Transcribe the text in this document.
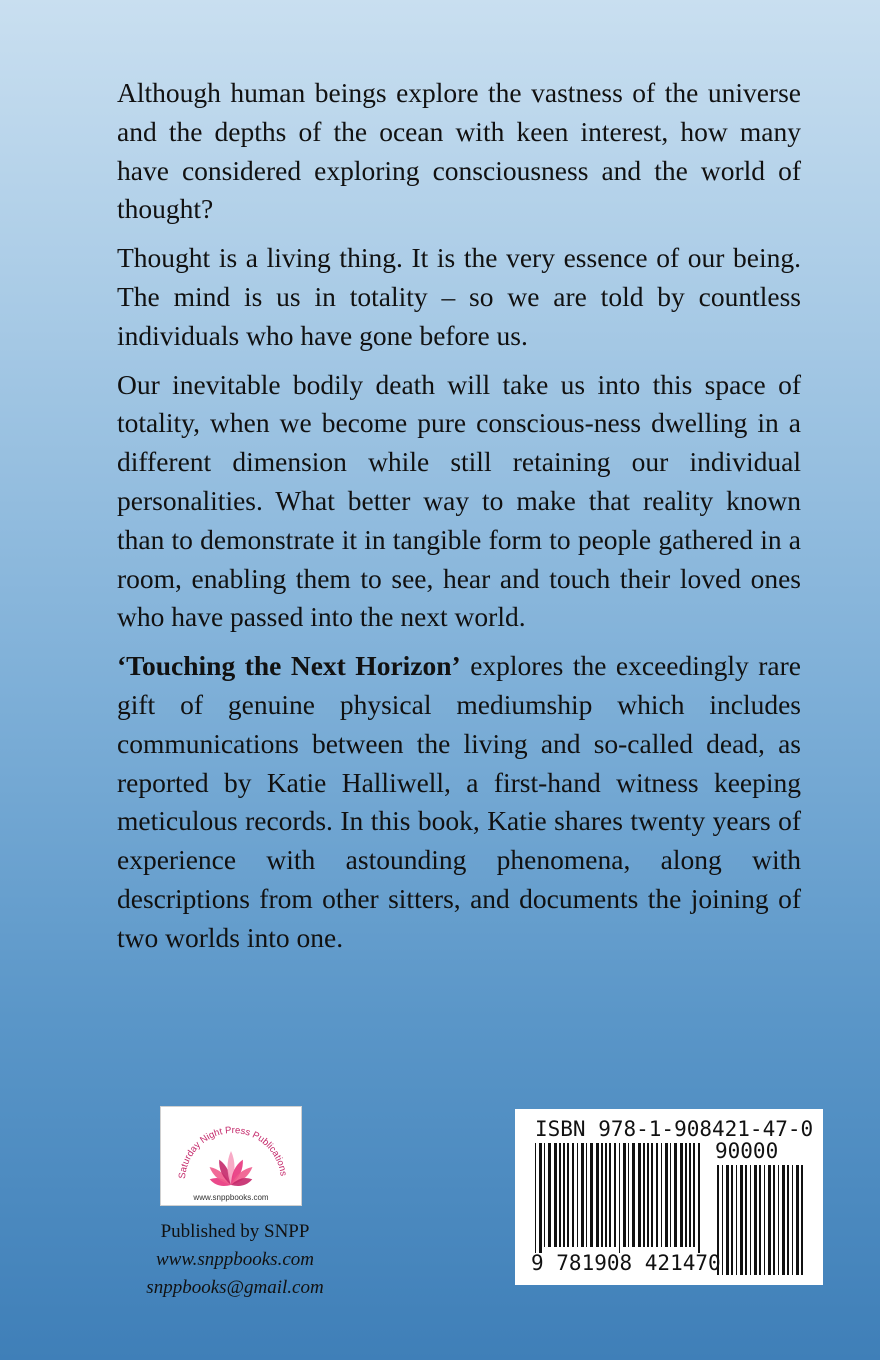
Although human beings explore the vastness of the universe and the depths of the ocean with keen interest, how many have considered exploring consciousness and the world of thought?

Thought is a living thing. It is the very essence of our being. The mind is us in totality – so we are told by countless individuals who have gone before us.

Our inevitable bodily death will take us into this space of totality, when we become pure conscious-ness dwelling in a different dimension while still retaining our individual personalities. What better way to make that reality known than to demonstrate it in tangible form to people gathered in a room, enabling them to see, hear and touch their loved ones who have passed into the next world.

‘Touching the Next Horizon’ explores the exceedingly rare gift of genuine physical mediumship which includes communications between the living and so-called dead, as reported by Katie Halliwell, a first-hand witness keeping meticulous records. In this book, Katie shares twenty years of experience with astounding phenomena, along with descriptions from other sitters, and documents the joining of two worlds into one.

Saturday Night Press Publications
www.snppbooks.com
Published by SNPP
www.snppbooks.com
snppbooks@gmail.com
ISBN 978-1-908421-47-0
90000
9 781908 421470
